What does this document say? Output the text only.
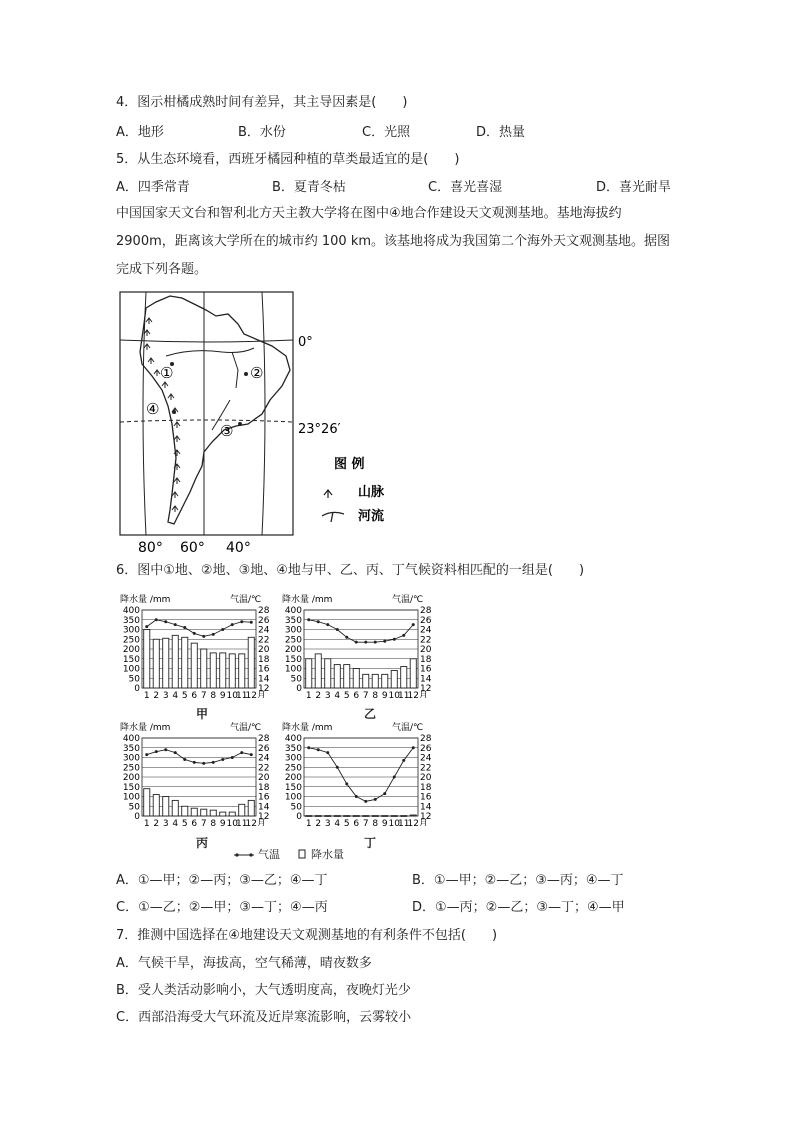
4．图示柑橘成熟时间有差异，其主导因素是(　　)
A．地形	B．水份	C．光照	D．热量
5．从生态环境看，西班牙橘园种植的草类最适宜的是(　　)
A．四季常青	B．夏青冬枯	C．喜光喜湿	D．喜光耐旱
中国国家天文台和智利北方天主教大学将在图中④地合作建设天文观测基地。基地海拔约2900m，距离该大学所在的城市约 100 km。该基地将成为我国第二个海外天文观测基地。据图完成下列各题。
①	②
③
④
0°
23°26′
图 例
山脉
河流
80° 60° 40°
6．图中①地、②地、③地、④地与甲、乙、丙、丁气候资料相匹配的一组是(　　)
降水量 /mm	气温/℃
0
50
100
150
200
250
300
350
400
12
14
16
18
20
22
24
26
28
1 2 3 4 5 6 7 8 9 10
11
12 月
降水量 /mm	气温/℃
0
50
100
150
200
250
300
350
400
12
14
16
18
20
22
24
26
28
1 2 3 4 5 6 7 8 9 10
11
12 月
降水量 /mm	气温/℃
0
50
100
150
200
250
300
350
400
12
14
16
18
20
22
24
26
28
1 2 3 4 5 6 7 8 9 10
11
12 月
降水量 /mm	气温/℃
0
50
100
150
200
250
300
350
400
12
14
16
18
20
22
24
26
28
1 2 3 4 5 6 7 8 9 10
11
12 月
甲	乙
丙	丁
气温	降水量
A．①—甲；②—丙；③—乙；④—丁	B．①—甲；②—乙；③—丙；④—丁
C．①—乙；②—甲；③—丁；④—丙	D．①—丙；②—乙；③—丁；④—甲
7．推测中国选择在④地建设天文观测基地的有利条件不包括(　　)
A．气候干旱，海拔高，空气稀薄，晴夜数多
B．受人类活动影响小，大气透明度高，夜晚灯光少
C．西部沿海受大气环流及近岸寒流影响，云雾较小
